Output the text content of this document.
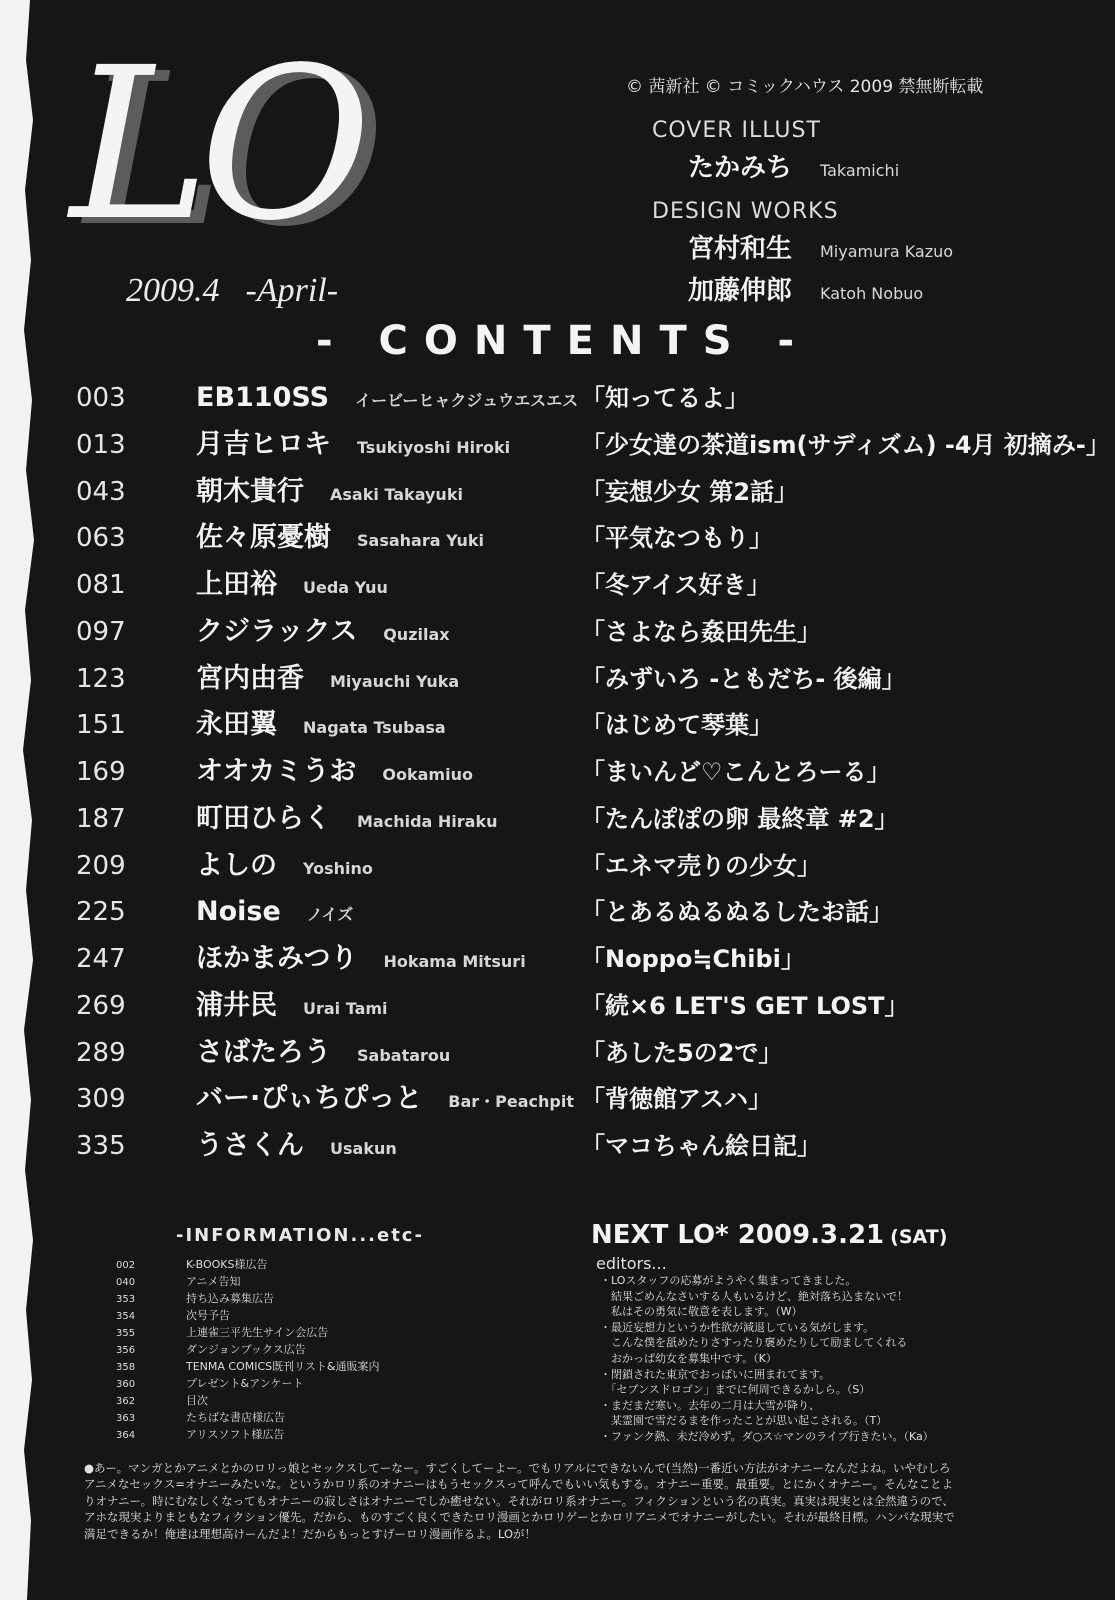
LO
2009.4 -April-
© 茜新社 © コミックハウス 2009 禁無断転載
COVER ILLUST
たかみち Takamichi
DESIGN WORKS
宮村和生 Miyamura Kazuo
加藤伸郎 Katoh Nobuo
- CONTENTS -
003	EB110SS イービーヒャクジュウエスエス 「知ってるよ」
013	月吉ヒロキ Tsukiyoshi Hiroki	「少女達の茶道ism(サディズム) -4月 初摘み-」
043	朝木貴行 Asaki Takayuki	「妄想少女 第2話」
063	佐々原憂樹 Sasahara Yuki	「平気なつもり」
081	上田裕 Ueda Yuu	「冬アイス好き」
097	クジラックス Quzilax	「さよなら姦田先生」
123	宮内由香 Miyauchi Yuka	「みずいろ -ともだち- 後編」
151	永田翼 Nagata Tsubasa	「はじめて琴葉」
169	オオカミうお Ookamiuo	「まいんど♡こんとろーる」
187	町田ひらく Machida Hiraku	「たんぽぽの卵 最終章 #2」
209	よしの Yoshino	「エネマ売りの少女」
225	Noise ノイズ	「とあるぬるぬるしたお話」
247	ほかまみつり Hokama Mitsuri 「Noppo≒Chibi」
269	浦井民 Urai Tami	「続×6 LET'S GET LOST」
289	さばたろう Sabatarou	「あした5の2で」
309	バー·ぴぃちぴっと Bar・Peachpit 「背徳館アスハ」
335	うさくん Usakun	「マコちゃん絵日記」
-INFORMATION...etc-
002	K-BOOKS様広告
040	アニメ告知
353	持ち込み募集広告
354	次号予告
355	上連雀三平先生サイン会広告
356	ダンジョンブックス広告
358	TENMA COMICS既刊リスト&通販案内
360	プレゼント&アンケート
362	目次
363	たちばな書店様広告
364	アリスソフト様広告
NEXT LO* 2009.3.21 (SAT)
editors...
・LOスタッフの応募がようやく集まってきました。
　結果ごめんなさいする人もいるけど、絶対落ち込まないで！
　私はその勇気に敬意を表します。（W）
・最近妄想力というか性欲が減退している気がします。
　こんな僕を舐めたりさすったり褒めたりして励ましてくれる
　おかっぱ幼女を募集中です。（K）
・閉鎖された東京でおっぱいに囲まれてます。
　「セブンスドロゴン」までに何周できるかしら。（S）
・まだまだ寒い。去年の二月は大雪が降り、
　某霊園で雪だるまを作ったことが思い起こされる。（T）
・ファンク熱、未だ冷めず。ダ○ス☆マンのライブ行きたい。（Ka）
●あー。マンガとかアニメとかのロリっ娘とセックスしてーなー。すごくしてーよー。でもリアルにできないんで(当然)一番近い方法がオナニーなんだよね。いやむしろ
アニメなセックス=オナニーみたいな。というかロリ系のオナニーはもうセックスって呼んでもいい気もする。オナニー重要。最重要。とにかくオナニー。そんなことよ
りオナニー。時にむなしくなってもオナニーの寂しさはオナニーでしか癒せない。それがロリ系オナニー。フィクションという名の真実。真実は現実とは全然違うので、
アホな現実よりまともなフィクション優先。だから、ものすごく良くできたロリ漫画とかロリゲーとかロリアニメでオナニーがしたい。それが最終目標。ハンパな現実で
満足できるか！俺達は理想高けーんだよ！だからもっとすげーロリ漫画作るよ。LOが！
